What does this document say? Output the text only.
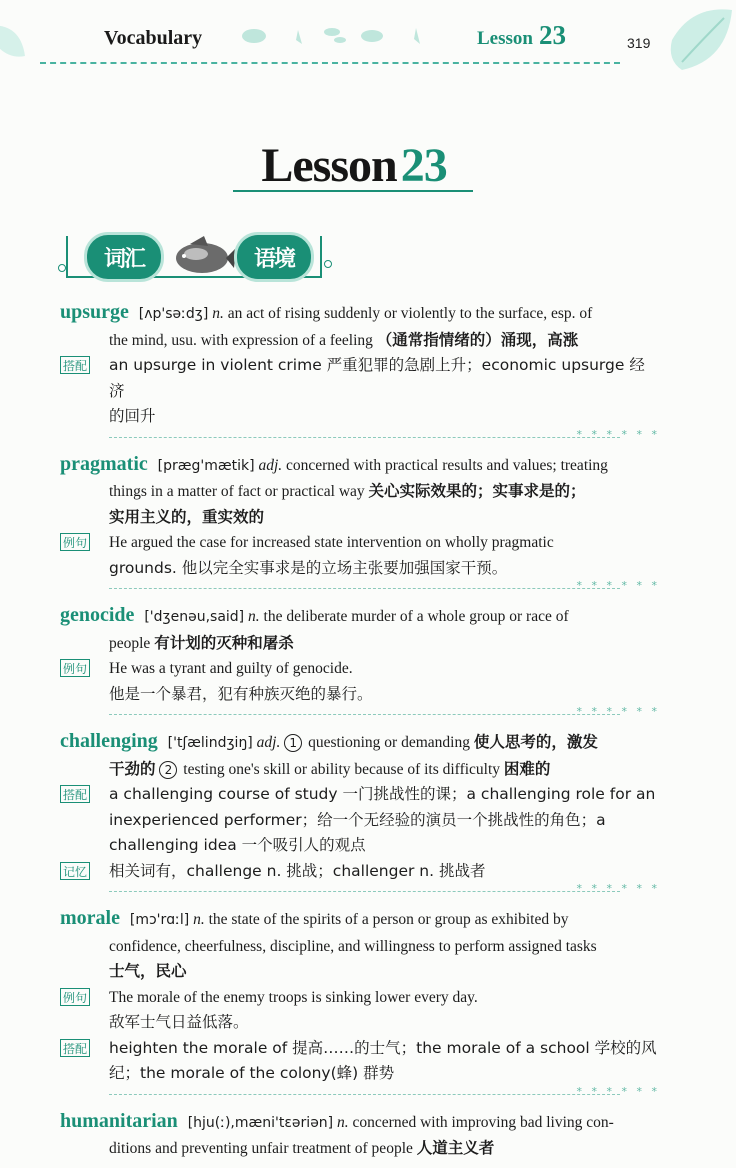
Vocabulary	Lesson 23	319
Lesson23
词汇	语境
upsurge [ʌp'səːdʒ] n. an act of rising suddenly or violently to the surface, esp. of
the mind, usu. with expression of a feeling （通常指情绪的）涌现，高涨
搭配 an upsurge in violent crime 严重犯罪的急剧上升；economic upsurge 经济
的回升
* * * * * *
pragmatic [præg'mætik] adj. concerned with practical results and values; treating
things in a matter of fact or practical way 关心实际效果的；实事求是的；
实用主义的，重实效的
例句 He argued the case for increased state intervention on wholly pragmatic
grounds. 他以完全实事求是的立场主张要加强国家干预。
* * * * * *
genocide ['dʒenəu,said] n. the deliberate murder of a whole group or race of
people 有计划的灭种和屠杀
例句 He was a tyrant and guilty of genocide.
他是一个暴君，犯有种族灭绝的暴行。
* * * * * *
challenging ['tʃælindʒiŋ] adj. 1 questioning or demanding 使人思考的，激发
干劲的 2 testing one's skill or ability because of its difficulty 困难的
搭配 a challenging course of study 一门挑战性的课；a challenging role for an
inexperienced performer；给一个无经验的演员一个挑战性的角色；a
challenging idea 一个吸引人的观点
记忆 相关词有，challenge n. 挑战；challenger n. 挑战者
* * * * * *
morale [mɔ'rɑːl] n. the state of the spirits of a person or group as exhibited by
confidence, cheerfulness, discipline, and willingness to perform assigned tasks
士气，民心
例句 The morale of the enemy troops is sinking lower every day.
敌军士气日益低落。
搭配 heighten the morale of 提高……的士气；the morale of a school 学校的风
纪；the morale of the colony(蜂) 群势
* * * * * *
humanitarian [hju(ː),mæni'tɛəriən] n. concerned with improving bad living con-
ditions and preventing unfair treatment of people 人道主义者
